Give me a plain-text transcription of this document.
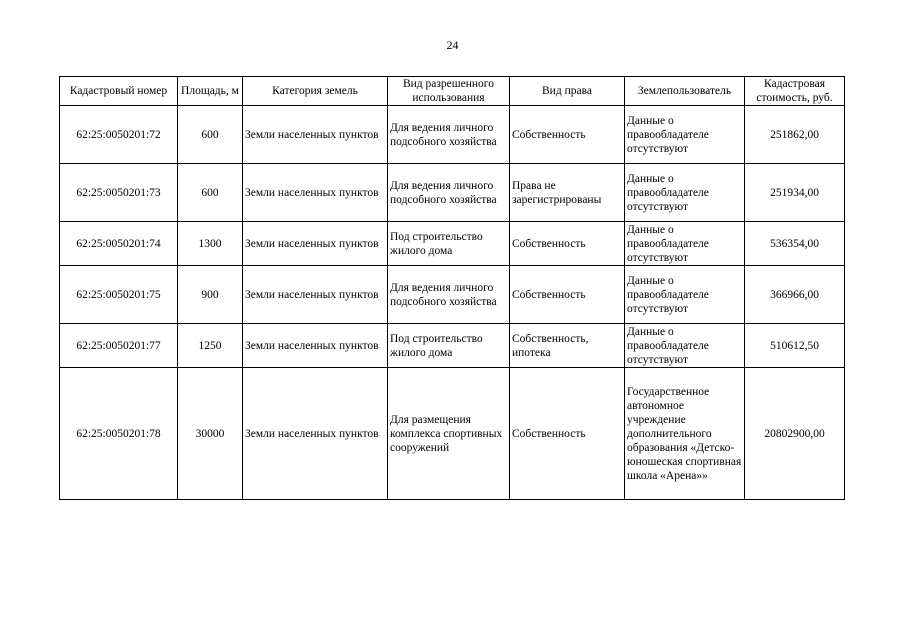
24
Кадастровый номер	Площадь, м	Категория земель	Вид разрешенного использования	Вид права	Землепользователь	Кадастровая стоимость, руб.
62:25:0050201:72	600	Земли населенных пунктов	Для ведения личного подсобного хозяйства	Собственность	Данные о правообладателе отсутствуют	251862,00
62:25:0050201:73	600	Земли населенных пунктов	Для ведения личного подсобного хозяйства	Права не зарегистрированы	Данные о правообладателе отсутствуют	251934,00
62:25:0050201:74	1300	Земли населенных пунктов	Под строительство жилого дома	Собственность	Данные о правообладателе отсутствуют	536354,00
62:25:0050201:75	900	Земли населенных пунктов	Для ведения личного подсобного хозяйства	Собственность	Данные о правообладателе отсутствуют	366966,00
62:25:0050201:77	1250	Земли населенных пунктов	Под строительство жилого дома	Собственность, ипотека	Данные о правообладателе отсутствуют	510612,50
62:25:0050201:78	30000	Земли населенных пунктов	Для размещения комплекса спортивных сооружений	Собственность	Государственное автономное учреждение дополнительного образования «Детско-юношеская спортивная школа «Арена»»	20802900,00
